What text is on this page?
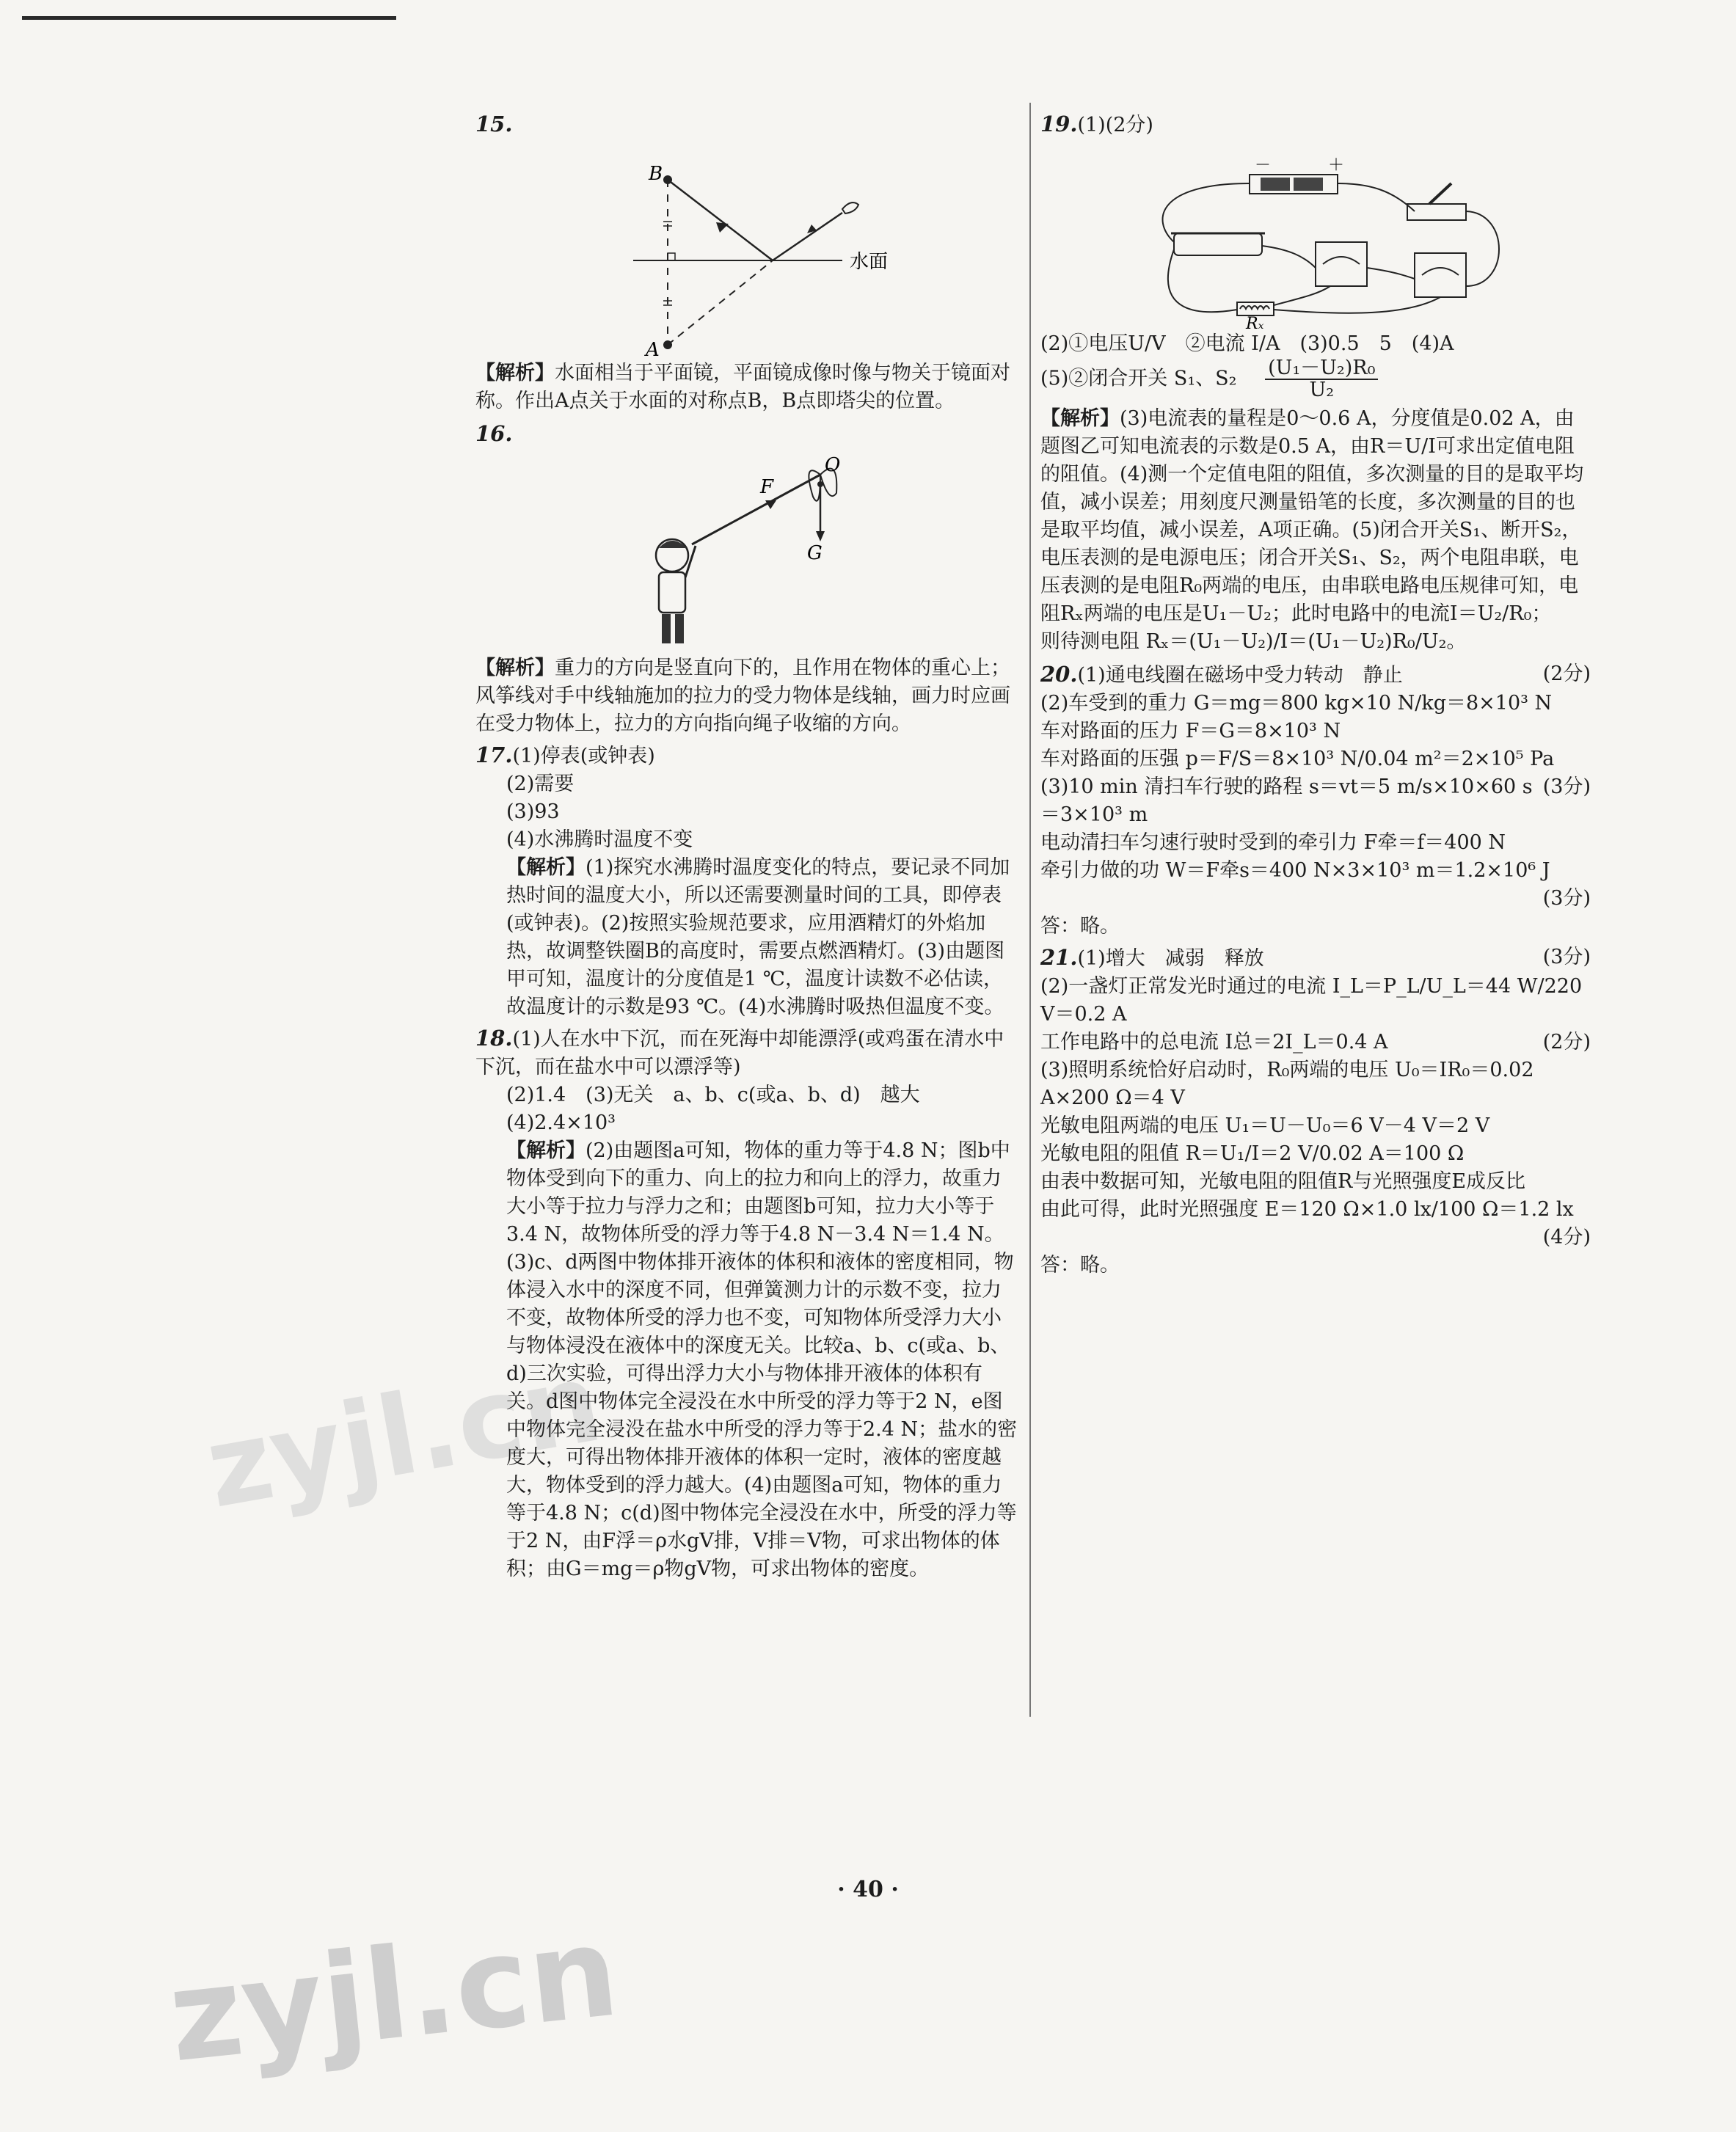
zyjl.cn
zyjl.cn
15.
B
A
水面

【解析】水面相当于平面镜，平面镜成像时像与物关于镜面对称。作出A点关于水面的对称点B，B点即塔尖的位置。

16.
O
F
G

【解析】重力的方向是竖直向下的，且作用在物体的重心上；风筝线对手中线轴施加的拉力的受力物体是线轴，画力时应画在受力物体上，拉力的方向指向绳子收缩的方向。

17.(1)停表(或钟表)

(2)需要

(3)93

(4)水沸腾时温度不变

【解析】(1)探究水沸腾时温度变化的特点，要记录不同加热时间的温度大小，所以还需要测量时间的工具，即停表(或钟表)。(2)按照实验规范要求，应用酒精灯的外焰加热，故调整铁圈B的高度时，需要点燃酒精灯。(3)由题图甲可知，温度计的分度值是1 ℃，温度计读数不必估读，故温度计的示数是93 ℃。(4)水沸腾时吸热但温度不变。

18.(1)人在水中下沉，而在死海中却能漂浮(或鸡蛋在清水中下沉，而在盐水中可以漂浮等)

(2)1.4　(3)无关　a、b、c(或a、b、d)　越大

(4)2.4×10³

【解析】(2)由题图a可知，物体的重力等于4.8 N；图b中物体受到向下的重力、向上的拉力和向上的浮力，故重力大小等于拉力与浮力之和；由题图b可知，拉力大小等于3.4 N，故物体所受的浮力等于4.8 N－3.4 N＝1.4 N。(3)c、d两图中物体排开液体的体积和液体的密度相同，物体浸入水中的深度不同，但弹簧测力计的示数不变，拉力不变，故物体所受的浮力也不变，可知物体所受浮力大小与物体浸没在液体中的深度无关。比较a、b、c(或a、b、d)三次实验，可得出浮力大小与物体排开液体的体积有关。d图中物体完全浸没在水中所受的浮力等于2 N，e图中物体完全浸没在盐水中所受的浮力等于2.4 N；盐水的密度大，可得出物体排开液体的体积一定时，液体的密度越大，物体受到的浮力越大。(4)由题图a可知，物体的重力等于4.8 N；c(d)图中物体完全浸没在水中，所受的浮力等于2 N，由F浮＝ρ水gV排，V排＝V物，可求出物体的体积；由G＝mg＝ρ物gV物，可求出物体的密度。

19.(1)(2分)

－	＋
Rₓ

(2)①电压U/V　②电流 I/A　(3)0.5　5　(4)A

(5)②闭合开关 S₁、$S_2 \frac{\text{(U₁－U₂)R₀}}{\text{U₂}}$

【解析】(3)电流表的量程是0～0.6 A，分度值是0.02 A，由题图乙可知电流表的示数是0.5 A，由R＝U/I可求出定值电阻的阻值。(4)测一个定值电阻的阻值，多次测量的目的是取平均值，减小误差；用刻度尺测量铅笔的长度，多次测量的目的也是取平均值，减小误差，A项正确。(5)闭合开关S₁、断开S₂，电压表测的是电源电压；闭合开关S₁、S₂，两个电阻串联，电压表测的是电阻R₀两端的电压，由串联电路电压规律可知，电阻Rₓ两端的电压是U₁－U₂；此时电路中的电流I＝U₂/R₀；

则待测电阻 Rₓ＝(U₁－U₂)/I＝(U₁－U₂)R₀/U₂。

20.(1)通电线圈在磁场中受力转动　静止	(2分)

(2)车受到的重力 G＝mg＝800 kg×10 N/kg＝8×10³ N

车对路面的压力 F＝G＝8×10³ N

车对路面的压强 p＝F/S＝8×10³ N/0.04 m²＝2×10⁵ Pa
(3分)

(3)10 min 清扫车行驶的路程 s＝vt＝5 m/s×10×60 s＝3×10³ m

电动清扫车匀速行驶时受到的牵引力 F牵＝f＝400 N

牵引力做的功 W＝F牵s＝400 N×3×10³ m＝1.2×10⁶ J

(3分)

答：略。

21.(1)增大　减弱　释放	(3分)

(2)一盏灯正常发光时通过的电流 I_L＝P_L/U_L＝44 W/220 V＝0.2 A

工作电路中的总电流 I总＝2I_L＝0.4 A	(2分)

(3)照明系统恰好启动时，R₀两端的电压 U₀＝IR₀＝0.02 A×200 Ω＝4 V

光敏电阻两端的电压 U₁＝U－U₀＝6 V－4 V＝2 V

光敏电阻的阻值 R＝U₁/I＝2 V/0.02 A＝100 Ω

由表中数据可知，光敏电阻的阻值R与光照强度E成反比

由此可得，此时光照强度 E＝120 Ω×1.0 lx/100 Ω＝1.2 lx

(4分)

答：略。

· 40 ·
